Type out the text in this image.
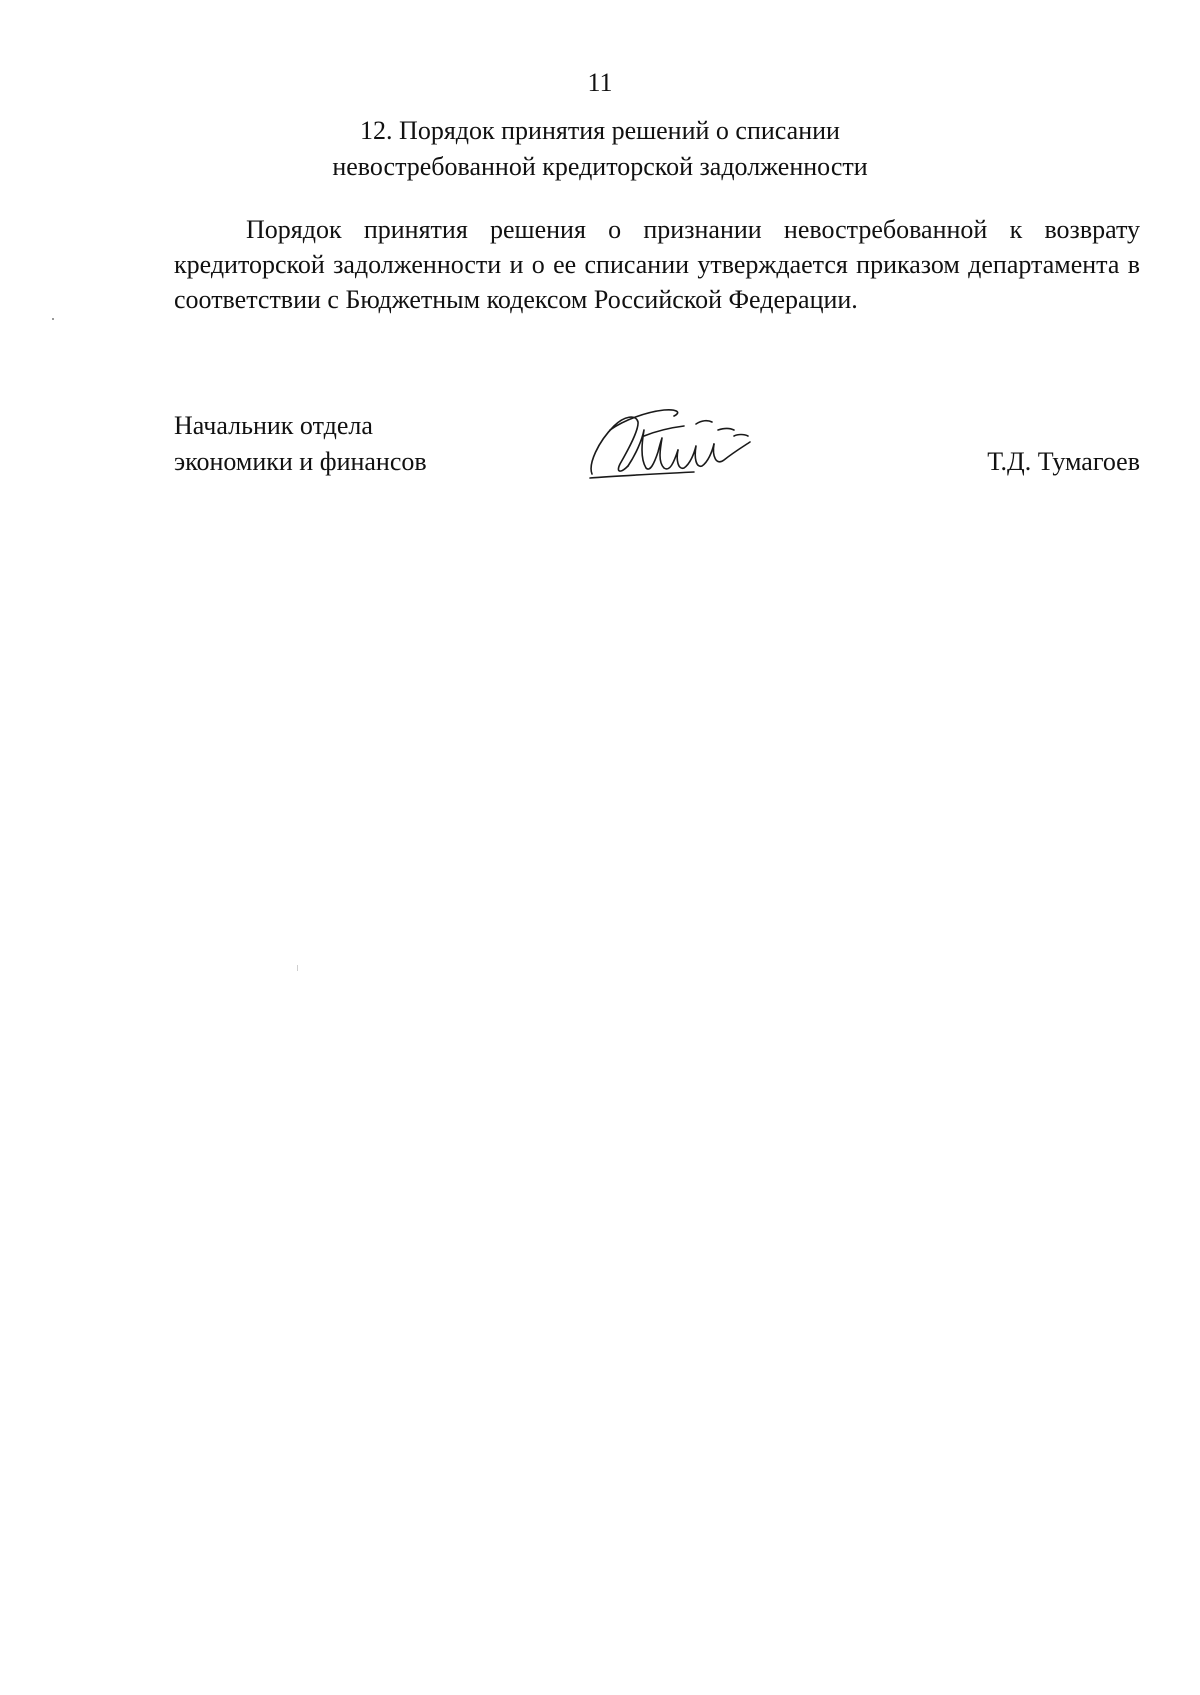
11
12. Порядок принятия решений о списании
невостребованной кредиторской задолженности

Порядок принятия решения о признании невостребованной к возврату кредиторской задолженности и о ее списании утверждается приказом департамента в соответствии с Бюджетным кодексом Российской Федерации.

Начальник отдела
экономики и финансов	Т.Д. Тумагоев
